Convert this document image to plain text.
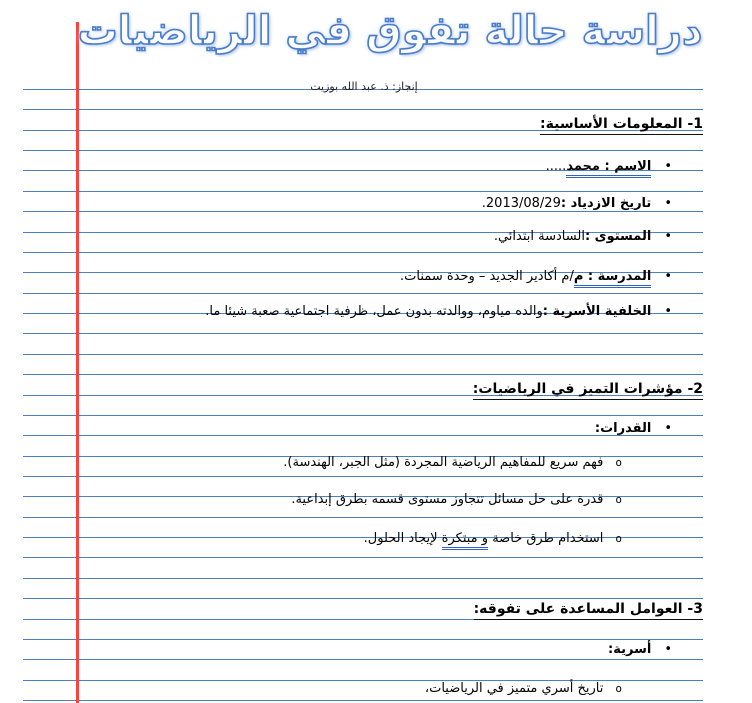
دراسة حالة تفوق في الرياضيات
إنجاز: ذ. عبد الله بوزيت
1- المعلومات الأساسية:
•
الاسم : محمد.....
•
تاريخ الازدياد :2013/08/29.
•
المستوى :السادسة ابتدائي.
•
المدرسة : م/م أكادير الجديد – وحدة سمنات.
•
الخلفية الأسرية :والده مياوم، ووالدته بدون عمل، ظرفية اجتماعية صعبة شيئا ما.
2- مؤشرات التميز في الرياضيات:
•
القدرات:
o
فهم سريع للمفاهيم الرياضية المجردة (مثل الجبر، الهندسة).
o
قدرة على حل مسائل تتجاوز مستوى قسمه بطرق إبداعية.
o
استخدام طرق خاصة و مبتكرة لإيجاد الحلول.
3- العوامل المساعدة على تفوقه:
•
أسرية:
o
تاريخ أسري متميز في الرياضيات،
